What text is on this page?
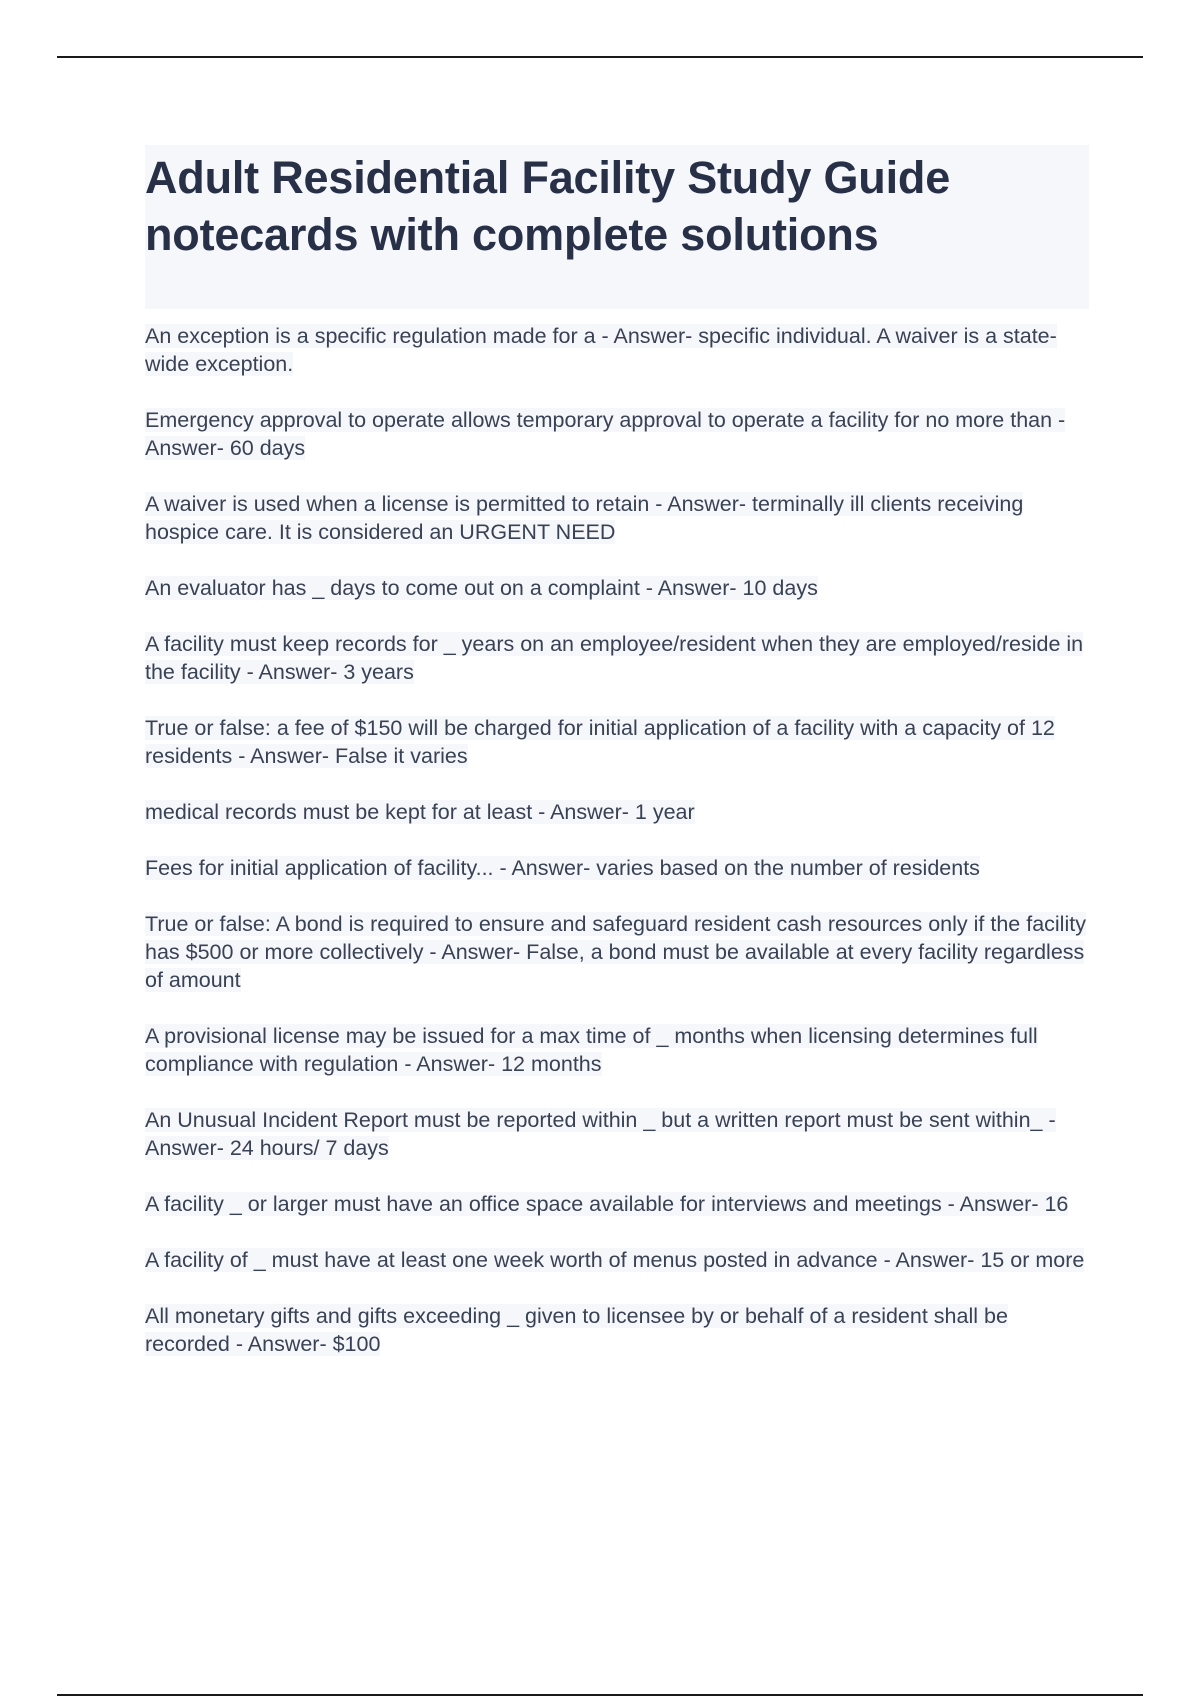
Adult Residential Facility Study Guide notecards with complete solutions
An exception is a specific regulation made for a - Answer- specific individual. A waiver is a state-wide exception.
Emergency approval to operate allows temporary approval to operate a facility for no more than - Answer- 60 days
A waiver is used when a license is permitted to retain - Answer- terminally ill clients receiving hospice care. It is considered an URGENT NEED
An evaluator has _ days to come out on a complaint - Answer- 10 days
A facility must keep records for _ years on an employee/resident when they are employed/reside in the facility - Answer- 3 years
True or false: a fee of $150 will be charged for initial application of a facility with a capacity of 12 residents - Answer- False it varies
medical records must be kept for at least - Answer- 1 year
Fees for initial application of facility... - Answer- varies based on the number of residents
True or false: A bond is required to ensure and safeguard resident cash resources only if the facility has $500 or more collectively - Answer- False, a bond must be available at every facility regardless of amount
A provisional license may be issued for a max time of _ months when licensing determines full compliance with regulation - Answer- 12 months
An Unusual Incident Report must be reported within _ but a written report must be sent within_ - Answer- 24 hours/ 7 days
A facility _ or larger must have an office space available for interviews and meetings - Answer- 16
A facility of _ must have at least one week worth of menus posted in advance - Answer- 15 or more
All monetary gifts and gifts exceeding _ given to licensee by or behalf of a resident shall be recorded - Answer- $100
